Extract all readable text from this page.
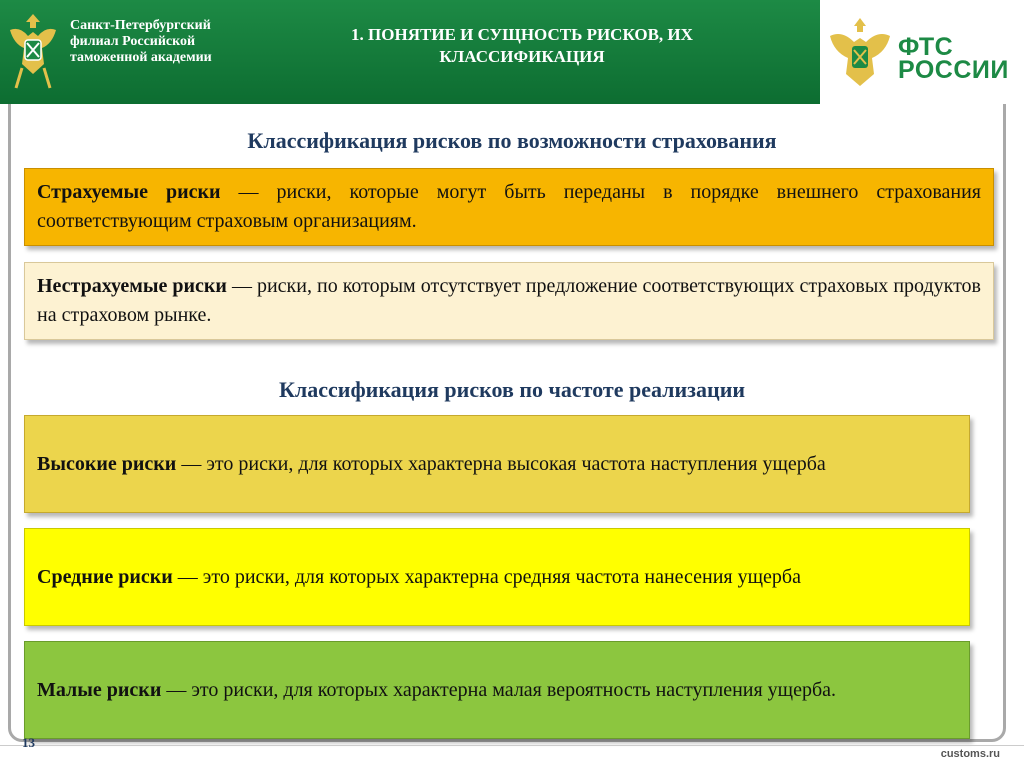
Санкт-Петербургский
филиал Российской
таможенной академии
1. ПОНЯТИЕ И СУЩНОСТЬ РИСКОВ, ИХ
КЛАССИФИКАЦИЯ	ФТС
РОССИИ
Классификация рисков по возможности страхования

Страхуемые риски — риски, которые могут быть переданы в порядке внешнего страхования соответствующим страховым организациям.

Нестрахуемые риски — риски, по которым отсутствует предложение соответствующих страховых продуктов на страховом рынке.

Классификация рисков по частоте реализации

Высокие риски — это риски, для которых характерна высокая частота наступления ущерба

Средние риски — это риски, для которых характерна средняя частота нанесения ущерба

Малые риски — это риски, для которых характерна малая вероятность наступления ущерба.

13
customs.ru
